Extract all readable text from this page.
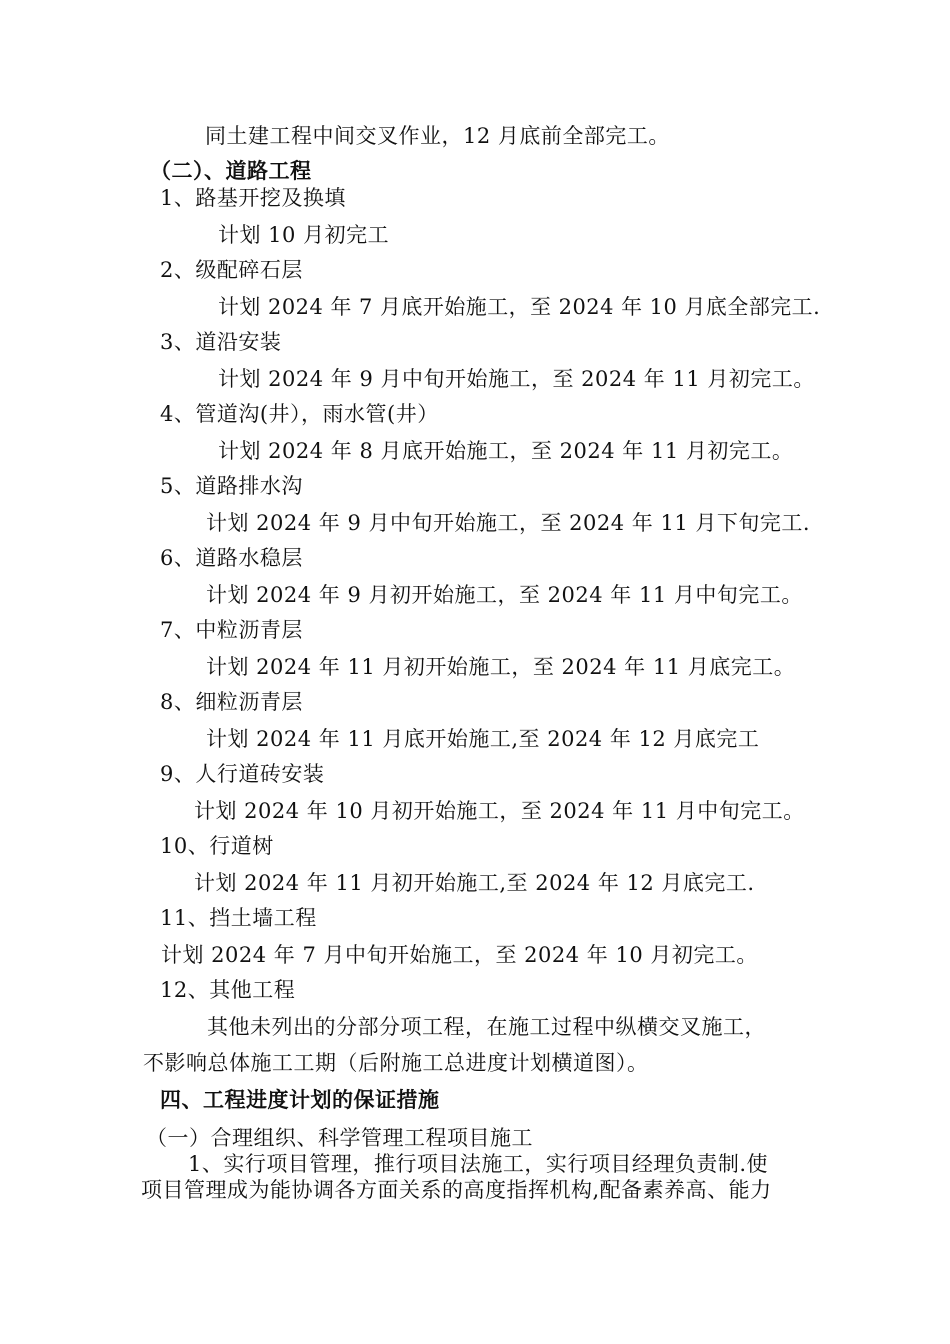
同土建工程中间交叉作业，12 月底前全部完工。
（二）、道路工程
1、路基开挖及换填
计划 10 月初完工
2、级配碎石层
计划 2024 年 7 月底开始施工，至 2024 年 10 月底全部完工.
3、道沿安装
计划 2024 年 9 月中旬开始施工，至 2024 年 11 月初完工。
4、管道沟(井），雨水管(井）
计划 2024 年 8 月底开始施工，至 2024 年 11 月初完工。
5、道路排水沟
计划 2024 年 9 月中旬开始施工，至 2024 年 11 月下旬完工.
6、道路水稳层
计划 2024 年 9 月初开始施工，至 2024 年 11 月中旬完工。
7、中粒沥青层
计划 2024 年 11 月初开始施工，至 2024 年 11 月底完工。
8、细粒沥青层
计划 2024 年 11 月底开始施工,至 2024 年 12 月底完工
9、人行道砖安装
计划 2024 年 10 月初开始施工，至 2024 年 11 月中旬完工。
10、行道树
计划 2024 年 11 月初开始施工,至 2024 年 12 月底完工.
11、挡土墙工程
计划 2024 年 7 月中旬开始施工，至 2024 年 10 月初完工。
12、其他工程
其他未列出的分部分项工程，在施工过程中纵横交叉施工，
不影响总体施工工期（后附施工总进度计划横道图）。
四、工程进度计划的保证措施
（一）合理组织、科学管理工程项目施工
1、实行项目管理，推行项目法施工，实行项目经理负责制.使
项目管理成为能协调各方面关系的高度指挥机构,配备素养高、能力
